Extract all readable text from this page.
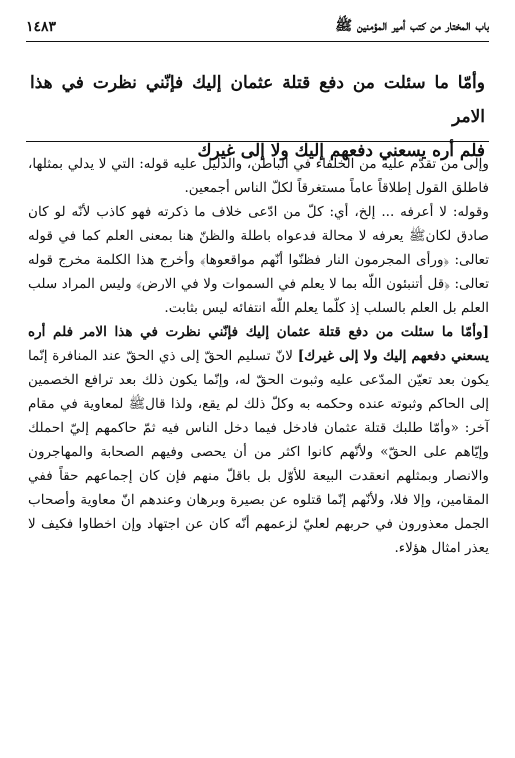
باب المختار من كتب أمير المؤمنين ﷺ
١٤٨٣

وأمّا ما سئلت من دفع قتلة عثمان إليك فإنّني نظرت في هذا الامر

فلم أره يسعني دفعهم إليك ولا إلى غيرك

وإلى من تقدّم عليه من الخلفاء في الباطن، والدليل عليه قوله: التي لا يدلي بمثلها، فاطلق القول إطلاقاً عاماً مستغرقاً لكلّ الناس أجمعين.

وقوله: لا أعرفه ... إلخ، أي: كلّ من ادّعى خلاف ما ذكرته فهو كاذب لأنّه لو كان صادق لكانﷺ يعرفه لا محالة فدعواه باطلة والظنّ هنا بمعنى العلم كما في قوله تعالى: ﴿ورأى المجرمون النار فظنّوا أنّهم مواقعوها﴾ وأخرج هذا الكلمة مخرج قوله تعالى: ﴿قل أتنبئون اللّه بما لا يعلم في السموات ولا في الارض﴾ وليس المراد سلب العلم بل العلم بالسلب إذ كلّما يعلم اللّه انتفائه ليس بثابت.

[وأمّا ما سئلت من دفع قتلة عثمان إليك فإنّني نظرت في هذا الامر فلم أره يسعني دفعهم إليك ولا إلى غيرك] لانّ تسليم الحقّ إلى ذي الحقّ عند المنافرة إنّما يكون بعد تعيّن المدّعى عليه وثبوت الحقّ له، وإنّما يكون ذلك بعد ترافع الخصمين إلى الحاكم وثبوته عنده وحكمه به وكلّ ذلك لم يقع، ولذا قالﷺ لمعاوية في مقام آخر: «وأمّا طلبك قتلة عثمان فادخل فيما دخل الناس فيه ثمّ حاكمهم إليّ احملك وإيّاهم على الحقّ» ولأنّهم كانوا اكثر من أن يحصى وفيهم الصحابة والمهاجرون والانصار وبمثلهم انعقدت البيعة للأوّل بل باقلّ منهم فإن كان إجماعهم حقاً ففي المقامين، وإلا فلا، ولأنّهم إنّما قتلوه عن بصيرة وبرهان وعندهم انّ معاوية وأصحاب الجمل معذورون في حربهم لعليّ لزعمهم أنّه كان عن اجتهاد وإن اخطاوا فكيف لا يعذر امثال هؤلاء.
